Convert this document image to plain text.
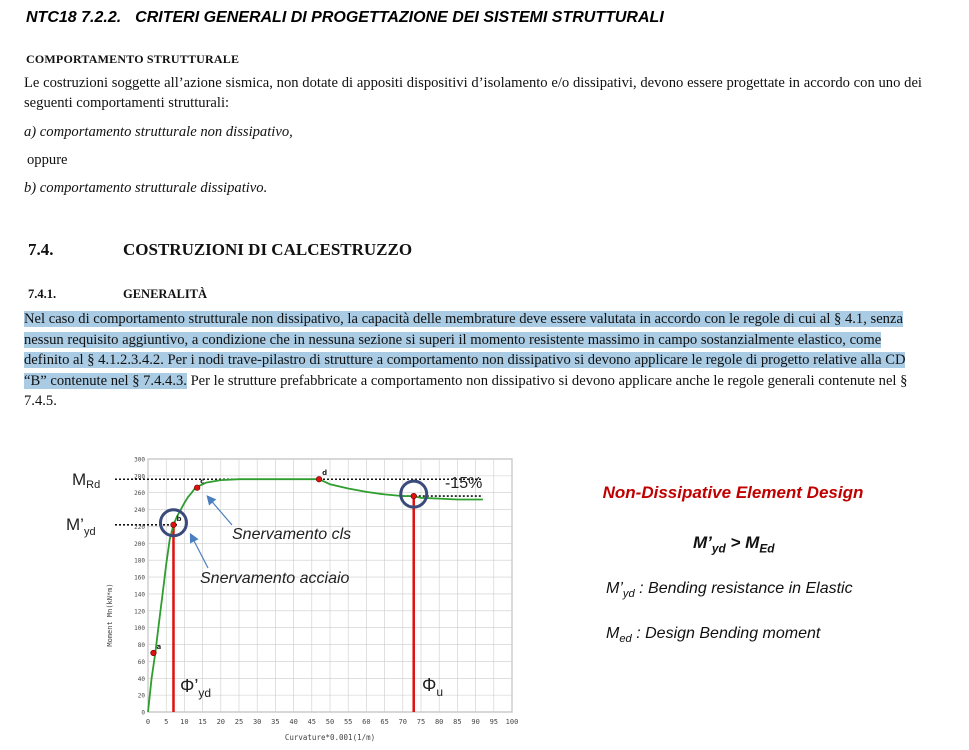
NTC18 7.2.2. CRITERI GENERALI DI PROGETTAZIONE DEI SISTEMI STRUTTURALI
COMPORTAMENTO STRUTTURALE
Le costruzioni soggette all’azione sismica, non dotate di appositi dispositivi d’isolamento e/o dissipativi, devono essere progettate in accordo con uno dei seguenti comportamenti strutturali:
a) comportamento strutturale non dissipativo,
oppure
b) comportamento strutturale dissipativo.
7.4.	COSTRUZIONI DI CALCESTRUZZO
7.4.1.	GENERALITÀ
Nel caso di comportamento strutturale non dissipativo, la capacità delle membrature deve essere valutata in accordo con le regole di cui al § 4.1, senza nessun requisito aggiuntivo, a condizione che in nessuna sezione si superi il momento resistente massimo in campo sostanzialmente elastico, come definito al § 4.1.2.3.4.2. Per i nodi trave-pilastro di strutture a comportamento non dissipativo si devono applicare le regole di progetto relative alla CD “B” contenute nel § 7.4.4.3. Per le strutture prefabbricate a comportamento non dissipativo si devono applicare anche le regole generali contenute nel § 7.4.5.
0 5 10 15 20 25 30 35 40 45 50 55 60 65 70 75 80 85 90 95 100
0
20
40
60
80
100
120
140
160
180
200
220
240
260
280
300
a
b
c
d
MRd
$M’_{yd}$
-15%
Snervamento cls
Snervamento acciaio
$\Phi’_{yd}$	$\Phi_u$
Moment Mn(kN*m)
Curvature*0.001(1/m)
Non-Dissipative Element Design
$M’_{yd} > M_{Ed}$
$M’_{yd}$ : Bending resistance in Elastic
$M_{ed}$ : Design Bending moment
